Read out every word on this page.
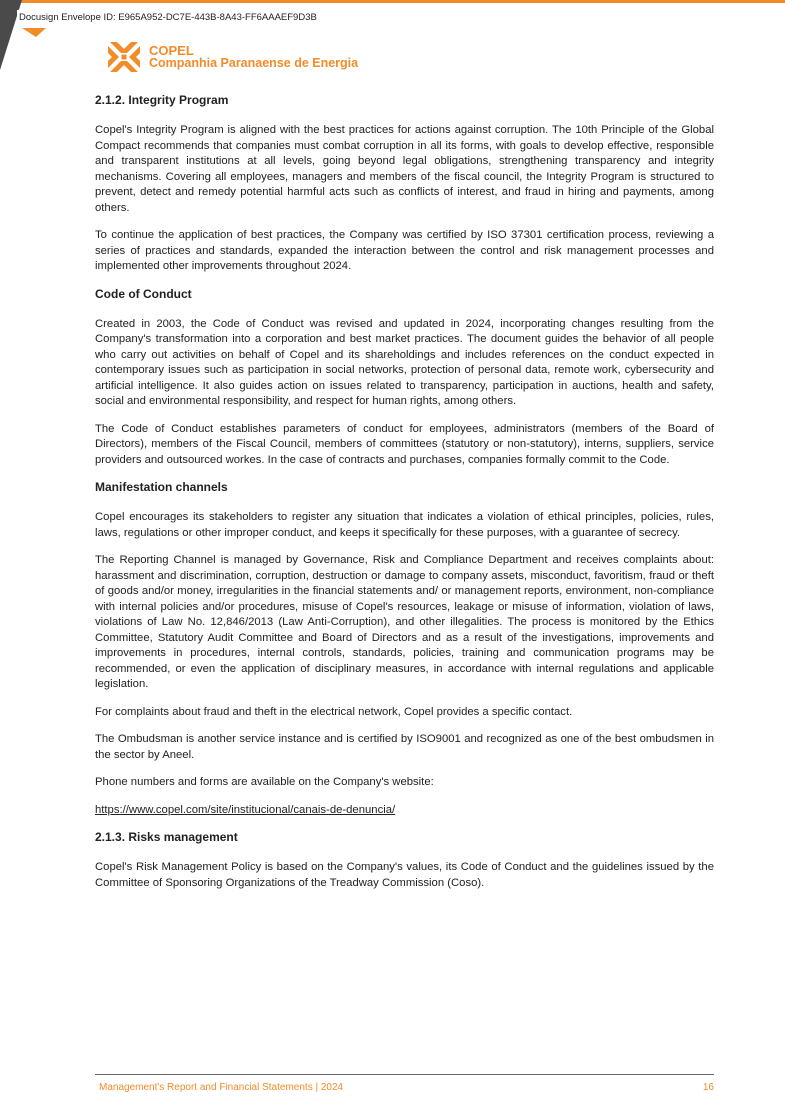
Docusign Envelope ID: E965A952-DC7E-443B-8A43-FF6AAAEF9D3B
COPEL
Companhia Paranaense de Energia
2.1.2. Integrity Program

Copel's Integrity Program is aligned with the best practices for actions against corruption. The 10th Principle of the Global Compact recommends that companies must combat corruption in all its forms, with goals to develop effective, responsible and transparent institutions at all levels, going beyond legal obligations, strengthening transparency and integrity mechanisms. Covering all employees, managers and members of the fiscal council, the Integrity Program is structured to prevent, detect and remedy potential harmful acts such as conflicts of interest, and fraud in hiring and payments, among others.

To continue the application of best practices, the Company was certified by ISO 37301 certification process, reviewing a series of practices and standards, expanded the interaction between the control and risk management processes and implemented other improvements throughout 2024.

Code of Conduct

Created in 2003, the Code of Conduct was revised and updated in 2024, incorporating changes resulting from the Company's transformation into a corporation and best market practices. The document guides the behavior of all people who carry out activities on behalf of Copel and its shareholdings and includes references on the conduct expected in contemporary issues such as participation in social networks, protection of personal data, remote work, cybersecurity and artificial intelligence. It also guides action on issues related to transparency, participation in auctions, health and safety, social and environmental responsibility, and respect for human rights, among others.

The Code of Conduct establishes parameters of conduct for employees, administrators (members of the Board of Directors), members of the Fiscal Council, members of committees (statutory or non-statutory), interns, suppliers, service providers and outsourced workes. In the case of contracts and purchases, companies formally commit to the Code.

Manifestation channels

Copel encourages its stakeholders to register any situation that indicates a violation of ethical principles, policies, rules, laws, regulations or other improper conduct, and keeps it specifically for these purposes, with a guarantee of secrecy.

The Reporting Channel is managed by Governance, Risk and Compliance Department and receives complaints about: harassment and discrimination, corruption, destruction or damage to company assets, misconduct, favoritism, fraud or theft of goods and/or money, irregularities in the financial statements and/ or management reports, environment, non-compliance with internal policies and/or procedures, misuse of Copel's resources, leakage or misuse of information, violation of laws, violations of Law No. 12,846/2013 (Law Anti-Corruption), and other illegalities. The process is monitored by the Ethics Committee, Statutory Audit Committee and Board of Directors and as a result of the investigations, improvements and improvements in procedures, internal controls, standards, policies, training and communication programs may be recommended, or even the application of disciplinary measures, in accordance with internal regulations and applicable legislation.

For complaints about fraud and theft in the electrical network, Copel provides a specific contact.

The Ombudsman is another service instance and is certified by ISO9001 and recognized as one of the best ombudsmen in the sector by Aneel.

Phone numbers and forms are available on the Company's website:

https://www.copel.com/site/institucional/canais-de-denuncia/

2.1.3. Risks management

Copel's Risk Management Policy is based on the Company's values, its Code of Conduct and the guidelines issued by the Committee of Sponsoring Organizations of the Treadway Commission (Coso).

Management's Report and Financial Statements | 2024	16
